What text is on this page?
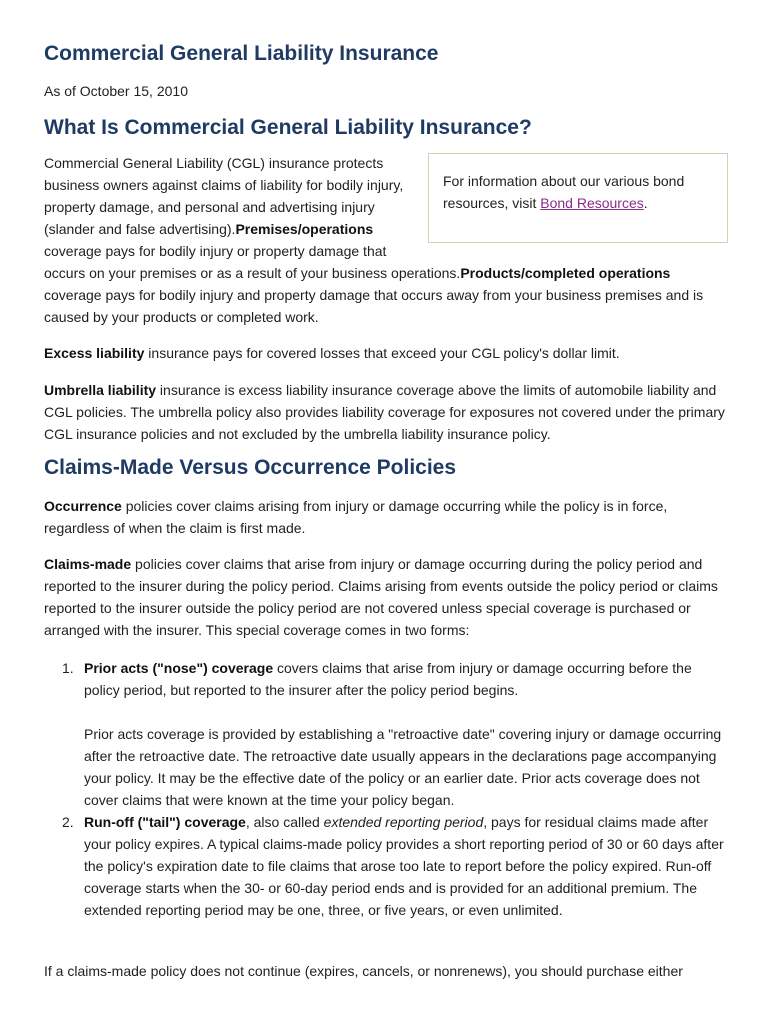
Commercial General Liability Insurance
As of October 15, 2010
What Is Commercial General Liability Insurance?
For information about our various bond resources, visit Bond Resources.
Commercial General Liability (CGL) insurance protects business owners against claims of liability for bodily injury, property damage, and personal and advertising injury (slander and false advertising).Premises/operations coverage pays for bodily injury or property damage that occurs on your premises or as a result of your business operations.Products/completed operations coverage pays for bodily injury and property damage that occurs away from your business premises and is caused by your products or completed work.
Excess liability insurance pays for covered losses that exceed your CGL policy's dollar limit.
Umbrella liability insurance is excess liability insurance coverage above the limits of automobile liability and CGL policies. The umbrella policy also provides liability coverage for exposures not covered under the primary CGL insurance policies and not excluded by the umbrella liability insurance policy.
Claims-Made Versus Occurrence Policies
Occurrence policies cover claims arising from injury or damage occurring while the policy is in force, regardless of when the claim is first made.
Claims-made policies cover claims that arise from injury or damage occurring during the policy period and reported to the insurer during the policy period. Claims arising from events outside the policy period or claims reported to the insurer outside the policy period are not covered unless special coverage is purchased or arranged with the insurer. This special coverage comes in two forms:
1. Prior acts ("nose") coverage covers claims that arise from injury or damage occurring before the policy period, but reported to the insurer after the policy period begins.
Prior acts coverage is provided by establishing a "retroactive date" covering injury or damage occurring after the retroactive date. The retroactive date usually appears in the declarations page accompanying your policy. It may be the effective date of the policy or an earlier date. Prior acts coverage does not cover claims that were known at the time your policy began.
2. Run-off ("tail") coverage, also called extended reporting period, pays for residual claims made after your policy expires. A typical claims-made policy provides a short reporting period of 30 or 60 days after the policy's expiration date to file claims that arose too late to report before the policy expired. Run-off coverage starts when the 30- or 60-day period ends and is provided for an additional premium. The extended reporting period may be one, three, or five years, or even unlimited.
If a claims-made policy does not continue (expires, cancels, or nonrenews), you should purchase either
